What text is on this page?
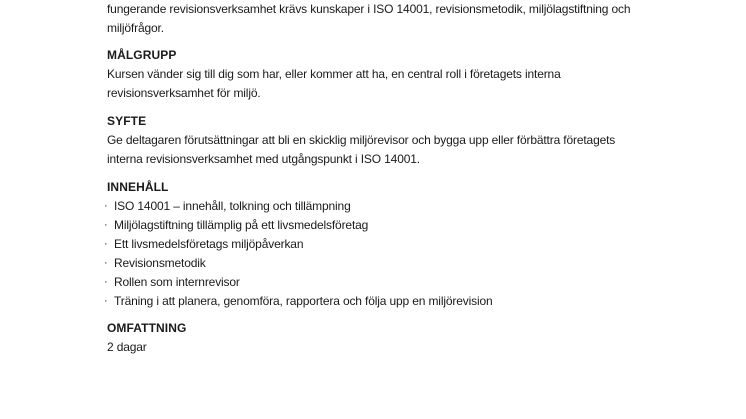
fungerande revisionsverksamhet krävs kunskaper i ISO 14001, revisionsmetodik, miljölagstiftning och

miljöfrågor.

MÅLGRUPP

Kursen vänder sig till dig som har, eller kommer att ha, en central roll i företagets interna

revisionsverksamhet för miljö.

SYFTE

Ge deltagaren förutsättningar att bli en skicklig miljörevisor och bygga upp eller förbättra företagets

interna revisionsverksamhet med utgångspunkt i ISO 14001.

INNEHÅLL
· ISO 14001 – innehåll, tolkning och tillämpning
· Miljölagstiftning tillämplig på ett livsmedelsföretag
· Ett livsmedelsföretags miljöpåverkan
· Revisionsmetodik
· Rollen som internrevisor
· Träning i att planera, genomföra, rapportera och följa upp en miljörevision
OMFATTNING

2 dagar
